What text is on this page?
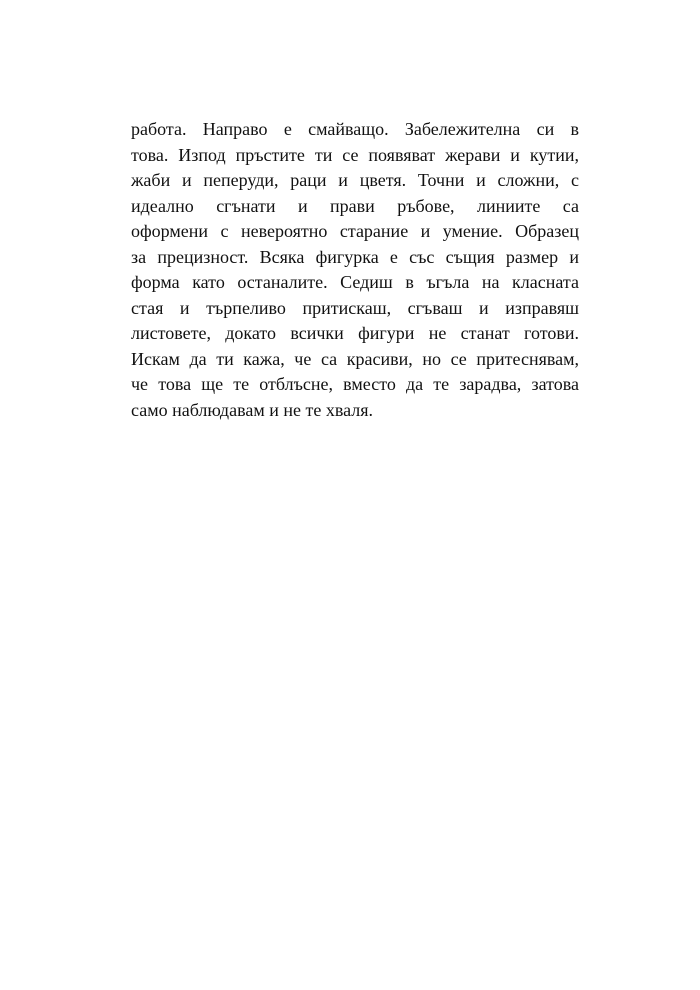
работа. Направо е смайващо. Забележителна си в
това. Изпод пръстите ти се появяват жерави и кутии,
жаби и пеперуди, раци и цветя. Точни и сложни, с
идеално сгънати и прави ръбове, линиите са
оформени с невероятно старание и умение. Образец
за прецизност. Всяка фигурка е със същия размер и
форма като останалите. Седиш в ъгъла на класната
стая и търпеливо притискаш, сгъваш и изправяш
листовете, докато всички фигури не станат готови.
Искам да ти кажа, че са красиви, но се притеснявам,
че това ще те отблъсне, вместо да те зарадва, затова
само наблюдавам и не те хваля.
